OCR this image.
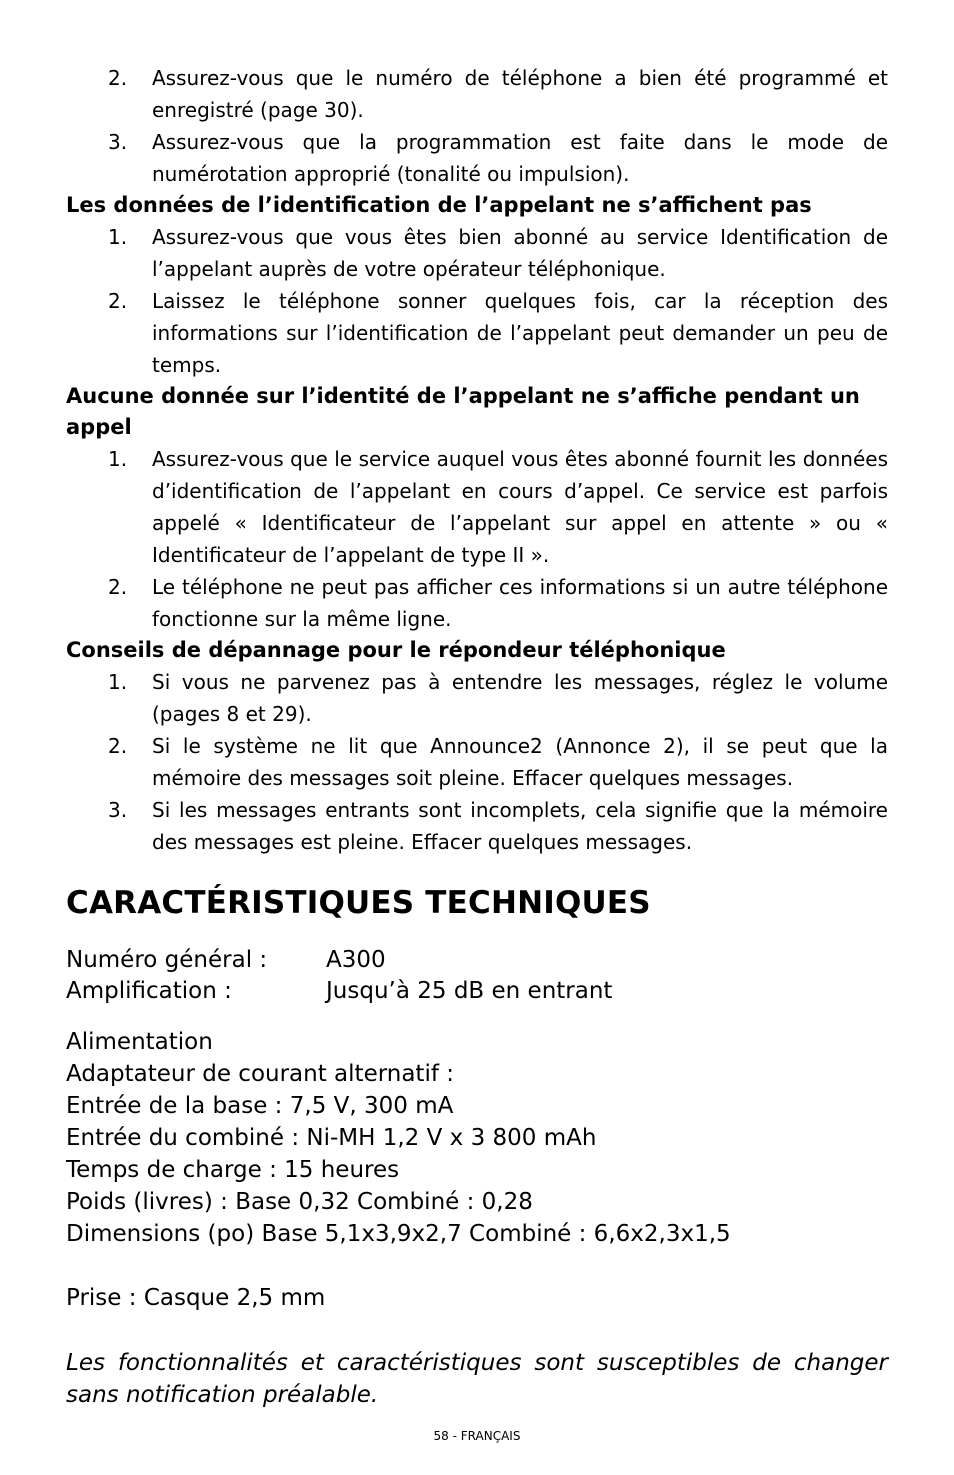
2. Assurez-vous que le numéro de téléphone a bien été programmé et enregistré (page 30).
3. Assurez-vous que la programmation est faite dans le mode de numérotation approprié (tonalité ou impulsion).
Les données de l’identification de l’appelant ne s’affichent pas
1. Assurez-vous que vous êtes bien abonné au service Identification de l’appelant auprès de votre opérateur téléphonique.
2. Laissez le téléphone sonner quelques fois, car la réception des informations sur l’identification de l’appelant peut demander un peu de temps.
Aucune donnée sur l’identité de l’appelant ne s’affiche pendant un appel
1. Assurez-vous que le service auquel vous êtes abonné fournit les données d’identification de l’appelant en cours d’appel. Ce service est parfois appelé « Identificateur de l’appelant sur appel en attente » ou « Identificateur de l’appelant de type II ».
2. Le téléphone ne peut pas afficher ces informations si un autre téléphone fonctionne sur la même ligne.
Conseils de dépannage pour le répondeur téléphonique
1. Si vous ne parvenez pas à entendre les messages, réglez le volume (pages 8 et 29).
2. Si le système ne lit que Announce2 (Annonce 2), il se peut que la mémoire des messages soit pleine. Effacer quelques messages.
3. Si les messages entrants sont incomplets, cela signifie que la mémoire des messages est pleine. Effacer quelques messages.
CARACTÉRISTIQUES TECHNIQUES
Numéro général :	A300
Amplification :	Jusqu’à 25 dB en entrant
Alimentation
Adaptateur de courant alternatif :
Entrée de la base : 7,5 V, 300 mA
Entrée du combiné : Ni-MH 1,2 V x 3 800 mAh
Temps de charge : 15 heures
Poids (livres) : Base 0,32 Combiné : 0,28
Dimensions (po) Base 5,1x3,9x2,7 Combiné : 6,6x2,3x1,5
Prise : Casque 2,5 mm
Les fonctionnalités et caractéristiques sont susceptibles de changer sans notification préalable.
58 - FRANÇAIS
